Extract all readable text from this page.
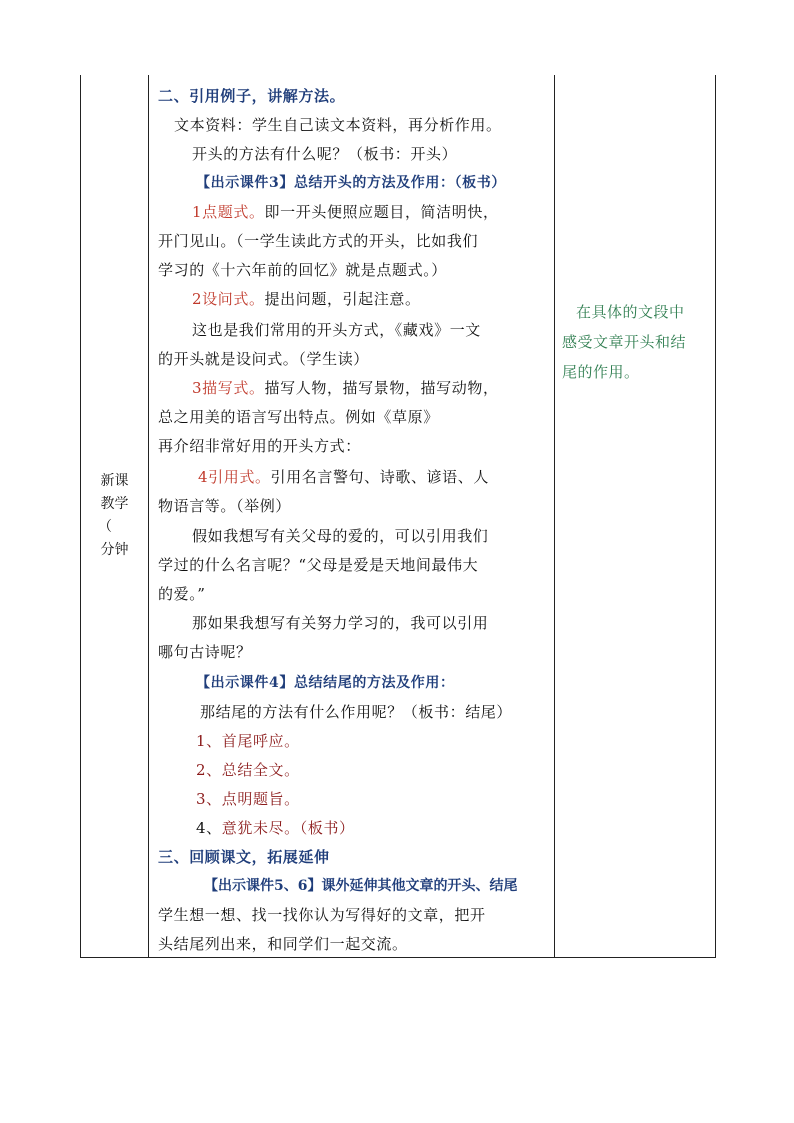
新课
教学
（
分钟
二、引用例子，讲解方法。
文本资料：学生自己读文本资料，再分析作用。
开头的方法有什么呢？（板书：开头）
【出示课件3】总结开头的方法及作用：（板书）
1点题式。即一开头便照应题目，简洁明快，
开门见山。（一学生读此方式的开头，比如我们
学习的《十六年前的回忆》就是点题式。）
2设问式。提出问题，引起注意。
这也是我们常用的开头方式，《藏戏》一文
的开头就是设问式。（学生读）
3描写式。描写人物，描写景物，描写动物，
总之用美的语言写出特点。例如《草原》
再介绍非常好用的开头方式：
4引用式。引用名言警句、诗歌、谚语、人
物语言等。（举例）
假如我想写有关父母的爱的，可以引用我们
学过的什么名言呢？“父母是爱是天地间最伟大
的爱。”
那如果我想写有关努力学习的，我可以引用
哪句古诗呢？
【出示课件4】总结结尾的方法及作用：
那结尾的方法有什么作用呢？（板书：结尾）
1、首尾呼应。
2、总结全文。
3、点明题旨。
4、意犹未尽。（板书）
三、回顾课文，拓展延伸
【出示课件5、6】课外延伸其他文章的开头、结尾
学生想一想、找一找你认为写得好的文章，把开
头结尾列出来，和同学们一起交流。
在具体的文段中
感受文章开头和结
尾的作用。
